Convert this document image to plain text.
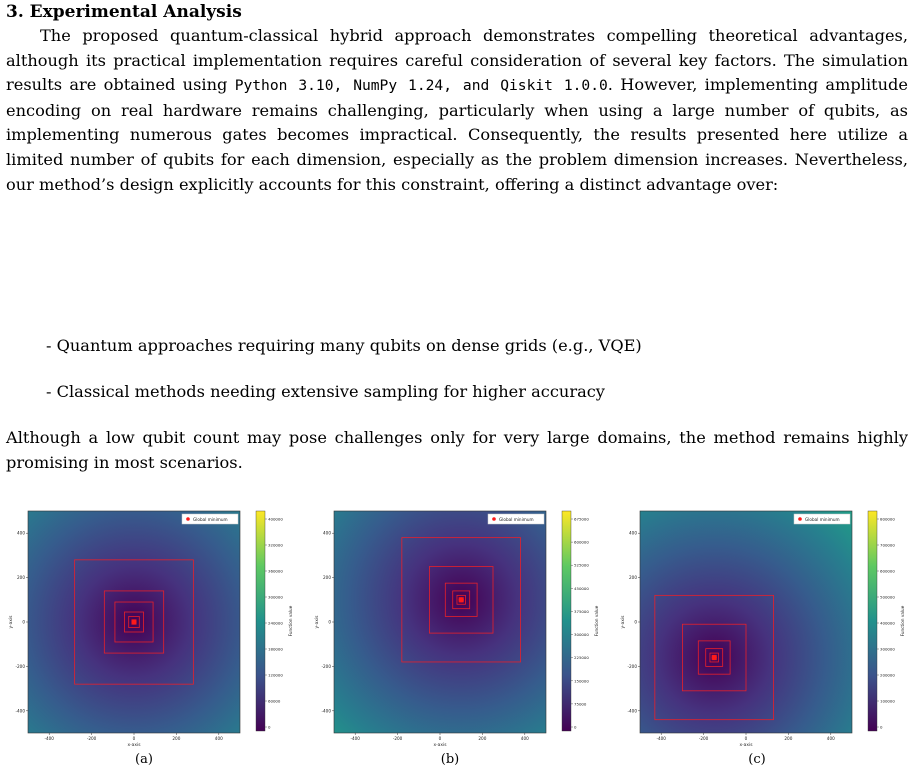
3. Experimental Analysis

The proposed quantum-classical hybrid approach demonstrates compelling theoretical advantages, although its practical implementation requires careful consideration of several key factors. The simulation results are obtained using Python 3.10, NumPy 1.24, and Qiskit 1.0.0. However, implementing amplitude encoding on real hardware remains challenging, particularly when using a large number of qubits, as implementing numerous gates becomes impractical. Consequently, the results presented here utilize a limited number of qubits for each dimension, especially as the problem dimension increases. Nevertheless, our method’s design explicitly accounts for this constraint, offering a distinct advantage over:

- Quantum approaches requiring many qubits on dense grids (e.g., VQE)

- Classical methods needing extensive sampling for higher accuracy

Although a low qubit count may pose challenges only for very large domains, the method remains highly promising in most scenarios.

Global minimum
-400	-200	0	200	400
x-axis
400
200
0
-200
-400
y-axis
400000
320000
360000
300000
240000
180000
120000
60000
0
Function value
Global minimum
-400	-200	0	200	400
x-axis
400
200
0
-200
-400
y-axis
675000
600000
525000
450000
375000
300000
225000
150000
75000
0
Function value
Global minimum
-400	-200	0	200	400
x-axis
400
200
0
-200
-400
y-axis
800000
700000
600000
500000
400000
300000
200000
100000
0
Function value
(a)	(b)	(c)
